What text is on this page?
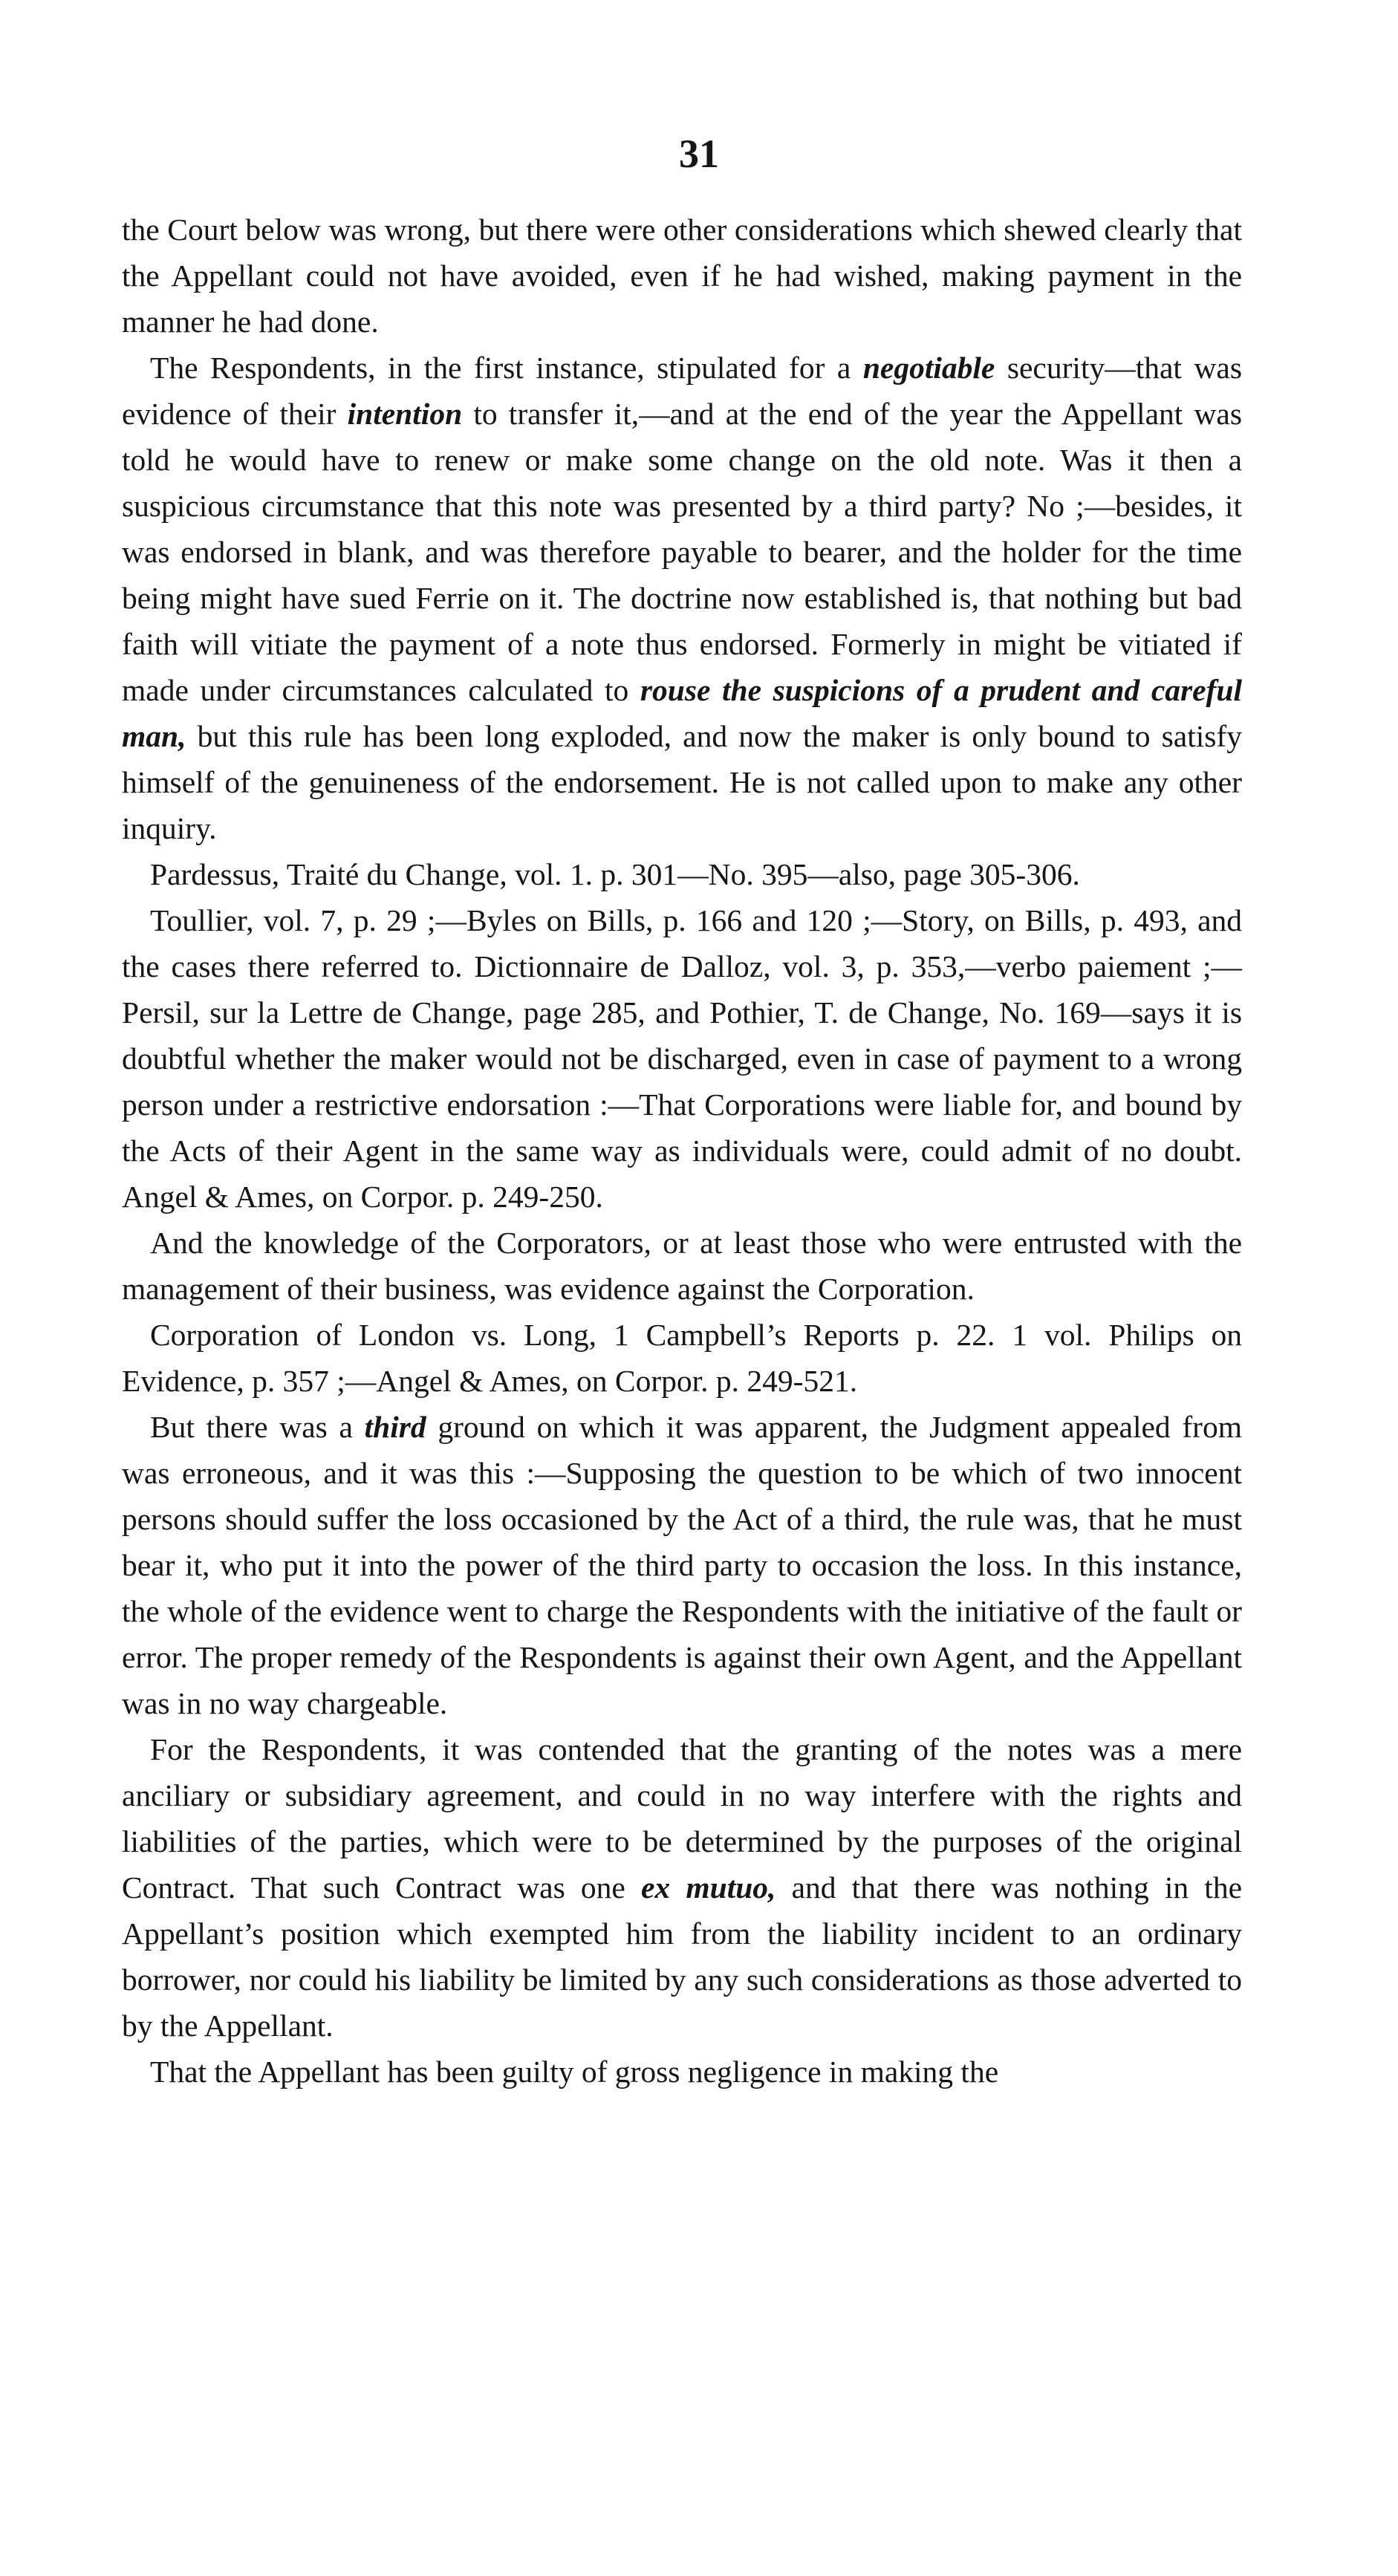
31

the Court below was wrong, but there were other considerations which shewed clearly that the Appellant could not have avoided, even if he had wished, making payment in the manner he had done.

The Respondents, in the first instance, stipulated for a negotiable security—that was evidence of their intention to transfer it,—and at the end of the year the Appellant was told he would have to renew or make some change on the old note. Was it then a suspicious circumstance that this note was presented by a third party? No ;—besides, it was endorsed in blank, and was therefore payable to bearer, and the holder for the time being might have sued Ferrie on it. The doctrine now established is, that nothing but bad faith will vitiate the payment of a note thus endorsed. Formerly in might be vitiated if made under circumstances calculated to rouse the suspicions of a prudent and careful man, but this rule has been long exploded, and now the maker is only bound to satisfy himself of the genuineness of the endorsement. He is not called upon to make any other inquiry.

Pardessus, Traité du Change, vol. 1. p. 301—No. 395—also, page 305-306.

Toullier, vol. 7, p. 29 ;—Byles on Bills, p. 166 and 120 ;—Story, on Bills, p. 493, and the cases there referred to. Dictionnaire de Dalloz, vol. 3, p. 353,—verbo paiement ;—Persil, sur la Lettre de Change, page 285, and Pothier, T. de Change, No. 169—says it is doubtful whether the maker would not be discharged, even in case of payment to a wrong person under a restrictive endorsation :—That Corporations were liable for, and bound by the Acts of their Agent in the same way as individuals were, could admit of no doubt. Angel & Ames, on Corpor. p. 249-250.

And the knowledge of the Corporators, or at least those who were entrusted with the management of their business, was evidence against the Corporation.

Corporation of London vs. Long, 1 Campbell’s Reports p. 22. 1 vol. Philips on Evidence, p. 357 ;—Angel & Ames, on Corpor. p. 249-521.

But there was a third ground on which it was apparent, the Judgment appealed from was erroneous, and it was this :—Supposing the question to be which of two innocent persons should suffer the loss occasioned by the Act of a third, the rule was, that he must bear it, who put it into the power of the third party to occasion the loss. In this instance, the whole of the evidence went to charge the Respondents with the initiative of the fault or error. The proper remedy of the Respondents is against their own Agent, and the Appellant was in no way chargeable.

For the Respondents, it was contended that the granting of the notes was a mere anciliary or subsidiary agreement, and could in no way interfere with the rights and liabilities of the parties, which were to be determined by the purposes of the original Contract. That such Contract was one ex mutuo, and that there was nothing in the Appellant’s position which exempted him from the liability incident to an ordinary borrower, nor could his liability be limited by any such considerations as those adverted to by the Appellant.

That the Appellant has been guilty of gross negligence in making the
